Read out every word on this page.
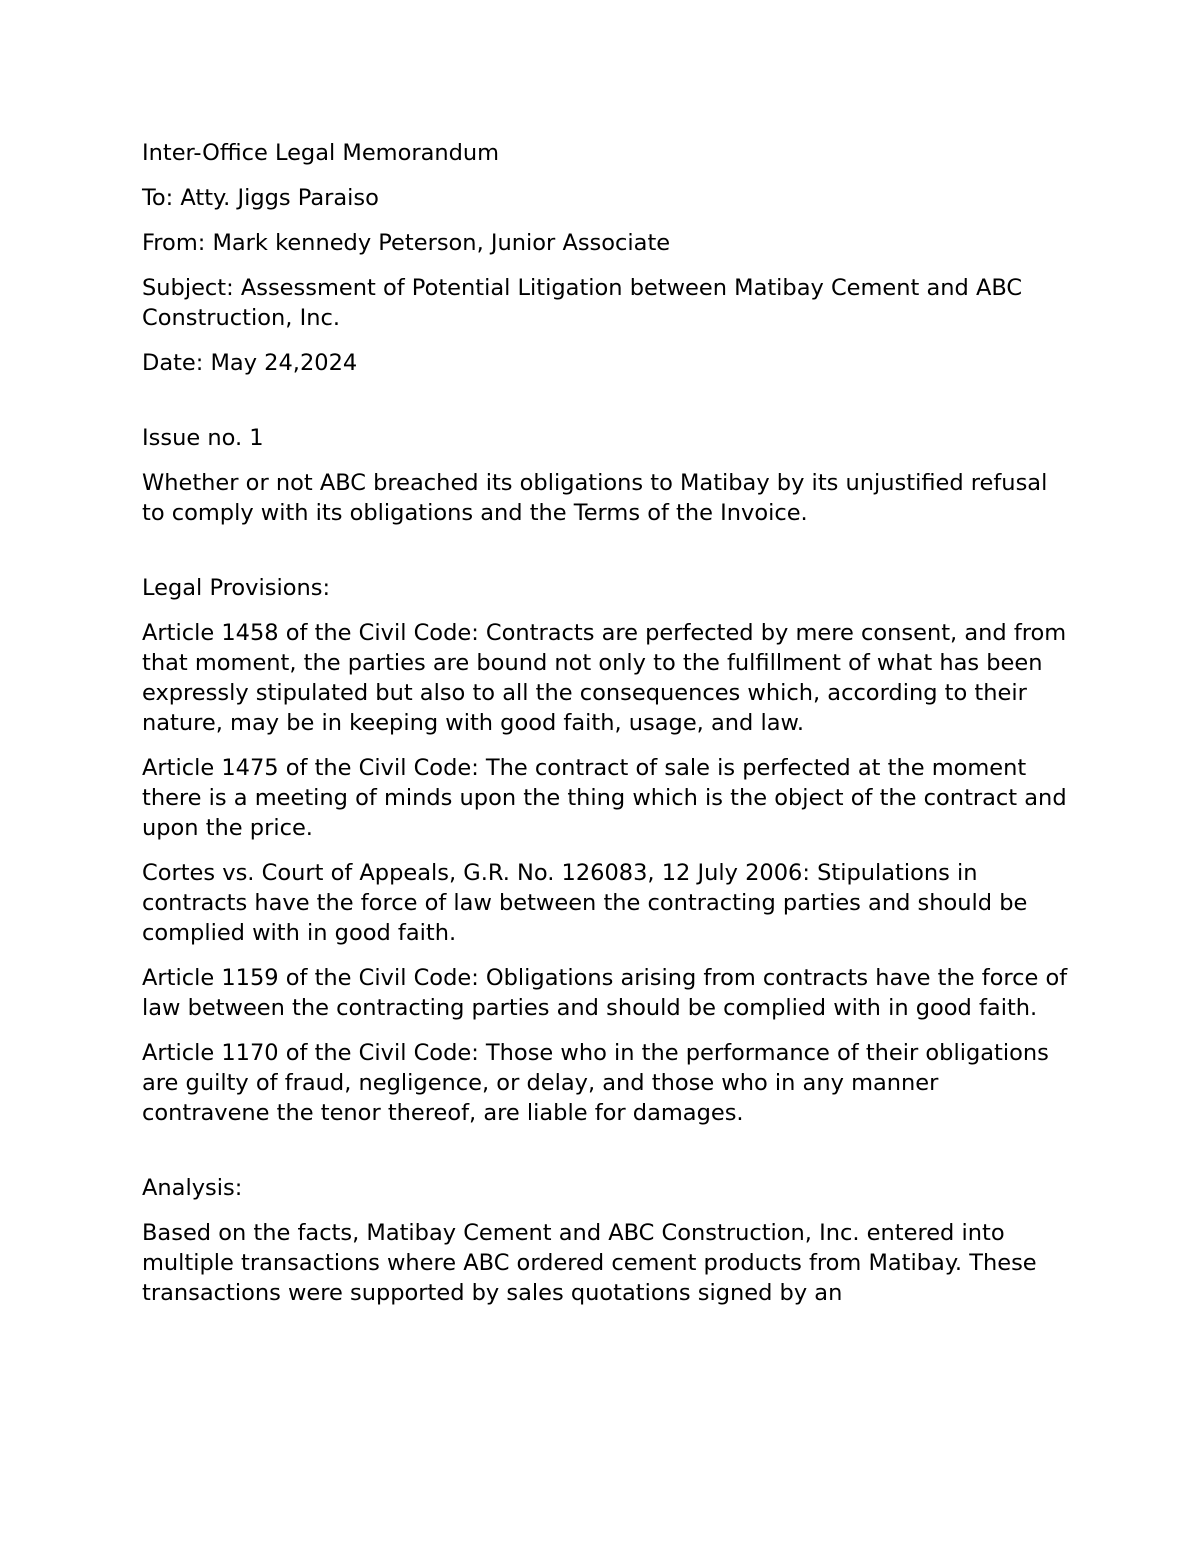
Inter-Office Legal Memorandum

To: Atty. Jiggs Paraiso

From: Mark kennedy Peterson, Junior Associate

Subject: Assessment of Potential Litigation between Matibay Cement and ABC Construction, Inc.

Date: May 24,2024

Issue no. 1

Whether or not ABC breached its obligations to Matibay by its unjustified refusal to comply with its obligations and the Terms of the Invoice.

Legal Provisions:

Article 1458 of the Civil Code: Contracts are perfected by mere consent, and from that moment, the parties are bound not only to the fulfillment of what has been expressly stipulated but also to all the consequences which, according to their nature, may be in keeping with good faith, usage, and law.

Article 1475 of the Civil Code: The contract of sale is perfected at the moment there is a meeting of minds upon the thing which is the object of the contract and upon the price.

Cortes vs. Court of Appeals, G.R. No. 126083, 12 July 2006: Stipulations in contracts have the force of law between the contracting parties and should be complied with in good faith.

Article 1159 of the Civil Code: Obligations arising from contracts have the force of law between the contracting parties and should be complied with in good faith.

Article 1170 of the Civil Code: Those who in the performance of their obligations are guilty of fraud, negligence, or delay, and those who in any manner contravene the tenor thereof, are liable for damages.

Analysis:

Based on the facts, Matibay Cement and ABC Construction, Inc. entered into multiple transactions where ABC ordered cement products from Matibay. These transactions were supported by sales quotations signed by an
